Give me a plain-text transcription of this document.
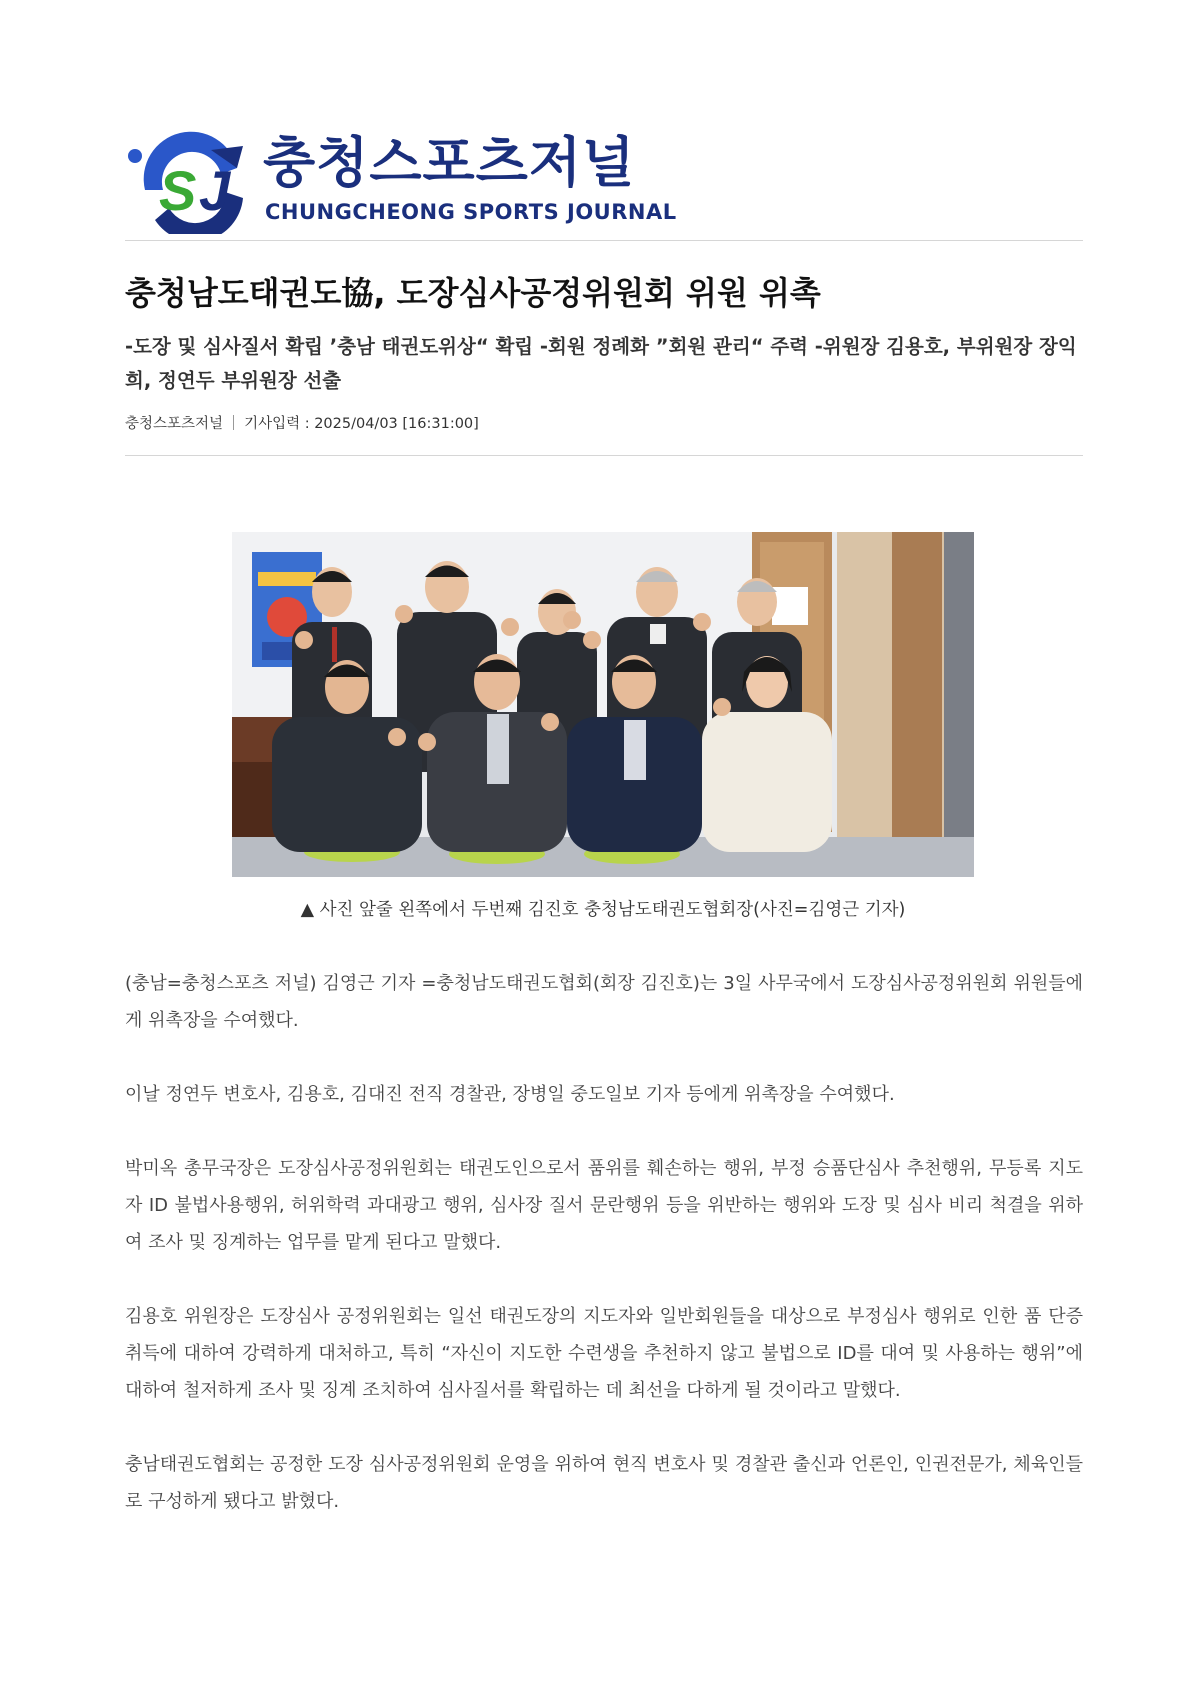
S J 충청스포츠저널
CHUNGCHEONG SPORTS JOURNAL
충청남도태권도協, 도장심사공정위원회 위원 위촉
-도장 및 심사질서 확립 ’충남 태권도위상“ 확립 -회원 정례화 ”회원 관리“ 주력 -위원장 김용호, 부위원장 장익희, 정연두 부위원장 선출
충청스포츠저널 기사입력 : 2025/04/03 [16:31:00]
▲ 사진 앞줄 왼쪽에서 두번째 김진호 충청남도태권도협회장(사진=김영근 기자)

(충남=충청스포츠 저널) 김영근 기자 =충청남도태권도협회(회장 김진호)는 3일 사무국에서 도장심사공정위원회 위원들에게 위촉장을 수여했다.

이날 정연두 변호사, 김용호, 김대진 전직 경찰관, 장병일 중도일보 기자 등에게 위촉장을 수여했다.

박미옥 총무국장은 도장심사공정위원회는 태권도인으로서 품위를 훼손하는 행위, 부정 승품단심사 추천행위, 무등록 지도자 ID 불법사용행위, 허위학력 과대광고 행위, 심사장 질서 문란행위 등을 위반하는 행위와 도장 및 심사 비리 척결을 위하여 조사 및 징계하는 업무를 맡게 된다고 말했다.

김용호 위원장은 도장심사 공정위원회는 일선 태권도장의 지도자와 일반회원들을 대상으로 부정심사 행위로 인한 품 단증 취득에 대하여 강력하게 대처하고, 특히 “자신이 지도한 수련생을 추천하지 않고 불법으로 ID를 대여 및 사용하는 행위”에 대하여 철저하게 조사 및 징계 조치하여 심사질서를 확립하는 데 최선을 다하게 될 것이라고 말했다.

충남태권도협회는 공정한 도장 심사공정위원회 운영을 위하여 현직 변호사 및 경찰관 출신과 언론인, 인권전문가, 체육인들로 구성하게 됐다고 밝혔다.
